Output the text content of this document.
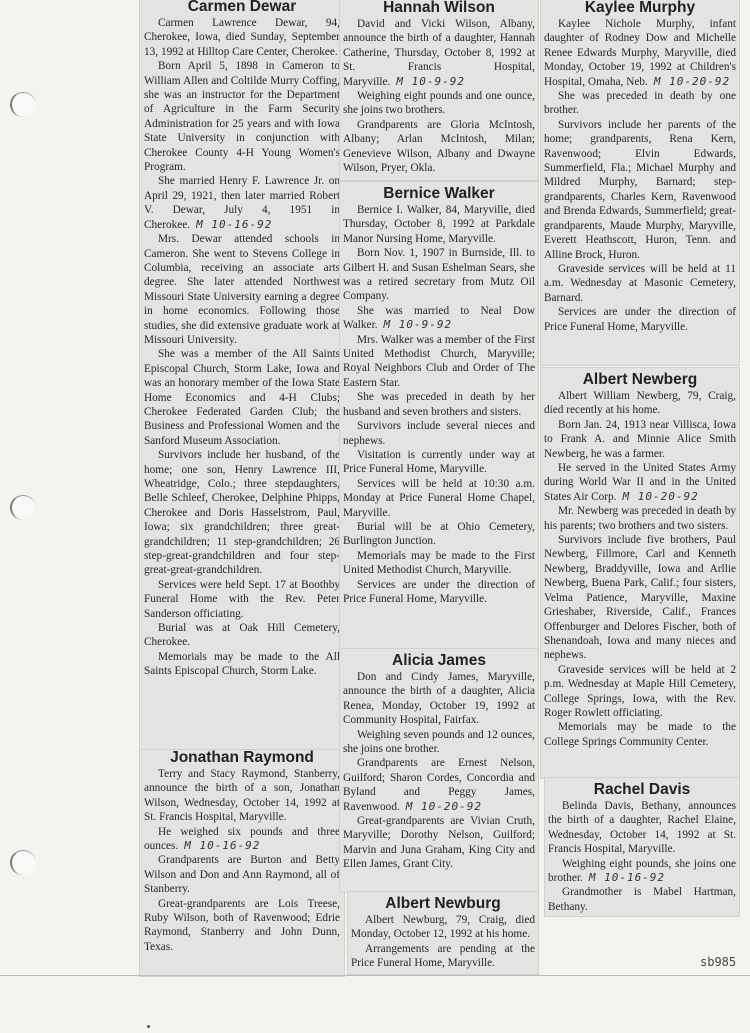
Carmen Dewar

Carmen Lawrence Dewar, 94, Cherokee, Iowa, died Sunday, September 13, 1992 at Hilltop Care Center, Cherokee.

Born April 5, 1898 in Cameron to William Allen and Coltilde Murry Coffing, she was an instructor for the Department of Agriculture in the Farm Security Administration for 25 years and with Iowa State University in conjunction with Cherokee County 4-H Young Women's Program.

She married Henry F. Lawrence Jr. on April 29, 1921, then later married Robert V. Dewar, July 4, 1951 in Cherokee. M 10-16-92

Mrs. Dewar attended schools in Cameron. She went to Stevens College in Columbia, receiving an associate arts degree. She later attended Northwest Missouri State University earning a degree in home economics. Following those studies, she did extensive graduate work at Missouri University.

She was a member of the All Saints Episcopal Church, Storm Lake, Iowa and was an honorary member of the Iowa State Home Economics and 4-H Clubs; Cherokee Federated Garden Club; the Business and Professional Women and the Sanford Museum Association.

Survivors include her husband, of the home; one son, Henry Lawrence III, Wheatridge, Colo.; three stepdaughters, Belle Schleef, Cherokee, Delphine Phipps, Cherokee and Doris Hasselstrom, Paul, Iowa; six grandchildren; three great-grandchildren; 11 step-grandchildren; 26 step-great-grandchildren and four step-great-great-grandchildren.

Services were held Sept. 17 at Boothby Funeral Home with the Rev. Peter Sanderson officiating.

Burial was at Oak Hill Cemetery, Cherokee.

Memorials may be made to the All Saints Episcopal Church, Storm Lake.

Jonathan Raymond

Terry and Stacy Raymond, Stanberry, announce the birth of a son, Jonathan Wilson, Wednesday, October 14, 1992 at St. Francis Hospital, Maryville.

He weighed six pounds and three ounces. M 10-16-92

Grandparents are Burton and Betty Wilson and Don and Ann Raymond, all of Stanberry.

Great-grandparents are Lois Treese, Ruby Wilson, both of Ravenwood; Edrie Raymond, Stanberry and John Dunn, Texas.

Hannah Wilson

David and Vicki Wilson, Albany, announce the birth of a daughter, Hannah Catherine, Thursday, October 8, 1992 at St. Francis Hospital, Maryville. M 10-9-92

Weighing eight pounds and one ounce, she joins two brothers.

Grandparents are Gloria McIntosh, Albany; Arlan McIntosh, Milan; Genevieve Wilson, Albany and Dwayne Wilson, Pryer, Okla.

Bernice Walker

Bernice I. Walker, 84, Maryville, died Thursday, October 8, 1992 at Parkdale Manor Nursing Home, Maryville.

Born Nov. 1, 1907 in Burnside, Ill. to Gilbert H. and Susan Eshelman Sears, she was a retired secretary from Mutz Oil Company.

She was married to Neal Dow Walker. M 10-9-92

Mrs. Walker was a member of the First United Methodist Church, Maryville; Royal Neighbors Club and Order of The Eastern Star.

She was preceded in death by her husband and seven brothers and sisters.

Survivors include several nieces and nephews.

Visitation is currently under way at Price Funeral Home, Maryville.

Services will be held at 10:30 a.m. Monday at Price Funeral Home Chapel, Maryville.

Burial will be at Ohio Cemetery, Burlington Junction.

Memorials may be made to the First United Methodist Church, Maryville.

Services are under the direction of Price Funeral Home, Maryville.

Alicia James

Don and Cindy James, Maryville, announce the birth of a daughter, Alicia Renea, Monday, October 19, 1992 at Community Hospital, Fairfax.

Weighing seven pounds and 12 ounces, she joins one brother.

Grandparents are Ernest Nelson, Guilford; Sharon Cordes, Concordia and Byland and Peggy James, Ravenwood. M 10-20-92

Great-grandparents are Vivian Cruth, Maryville; Dorothy Nelson, Guilford; Marvin and Juna Graham, King City and Ellen James, Grant City.

Albert Newburg

Albert Newburg, 79, Craig, died Monday, October 12, 1992 at his home.

Arrangements are pending at the Price Funeral Home, Maryville.

Kaylee Murphy

Kaylee Nichole Murphy, infant daughter of Rodney Dow and Michelle Renee Edwards Murphy, Maryville, died Monday, October 19, 1992 at Children's Hospital, Omaha, Neb. M 10-20-92

She was preceded in death by one brother.

Survivors include her parents of the home; grandparents, Rena Kern, Ravenwood; Elvin Edwards, Summerfield, Fla.; Michael Murphy and Mildred Murphy, Barnard; step-grandparents, Charles Kern, Ravenwood and Brenda Edwards, Summerfield; great-grandparents, Maude Murphy, Maryville, Everett Heathscott, Huron, Tenn. and Alline Brock, Huron.

Graveside services will be held at 11 a.m. Wednesday at Masonic Cemetery, Barnard.

Services are under the direction of Price Funeral Home, Maryville.

Albert Newberg

Albert William Newberg, 79, Craig, died recently at his home.

Born Jan. 24, 1913 near Villisca, Iowa to Frank A. and Minnie Alice Smith Newberg, he was a farmer.

He served in the United States Army during World War II and in the United States Air Corp. M 10-20-92

Mr. Newberg was preceded in death by his parents; two brothers and two sisters.

Survivors include five brothers, Paul Newberg, Fillmore, Carl and Kenneth Newberg, Braddyville, Iowa and Arllie Newberg, Buena Park, Calif.; four sisters, Velma Patience, Maryville, Maxine Grieshaber, Riverside, Calif., Frances Offenburger and Delores Fischer, both of Shenandoah, Iowa and many nieces and nephews.

Graveside services will be held at 2 p.m. Wednesday at Maple Hill Cemetery, College Springs, Iowa, with the Rev. Roger Rowlett officiating.

Memorials may be made to the College Springs Community Center.

Rachel Davis

Belinda Davis, Bethany, announces the birth of a daughter, Rachel Elaine, Wednesday, October 14, 1992 at St. Francis Hospital, Maryville.

Weighing eight pounds, she joins one brother. M 10-16-92

Grandmother is Mabel Hartman, Bethany.

sb985
